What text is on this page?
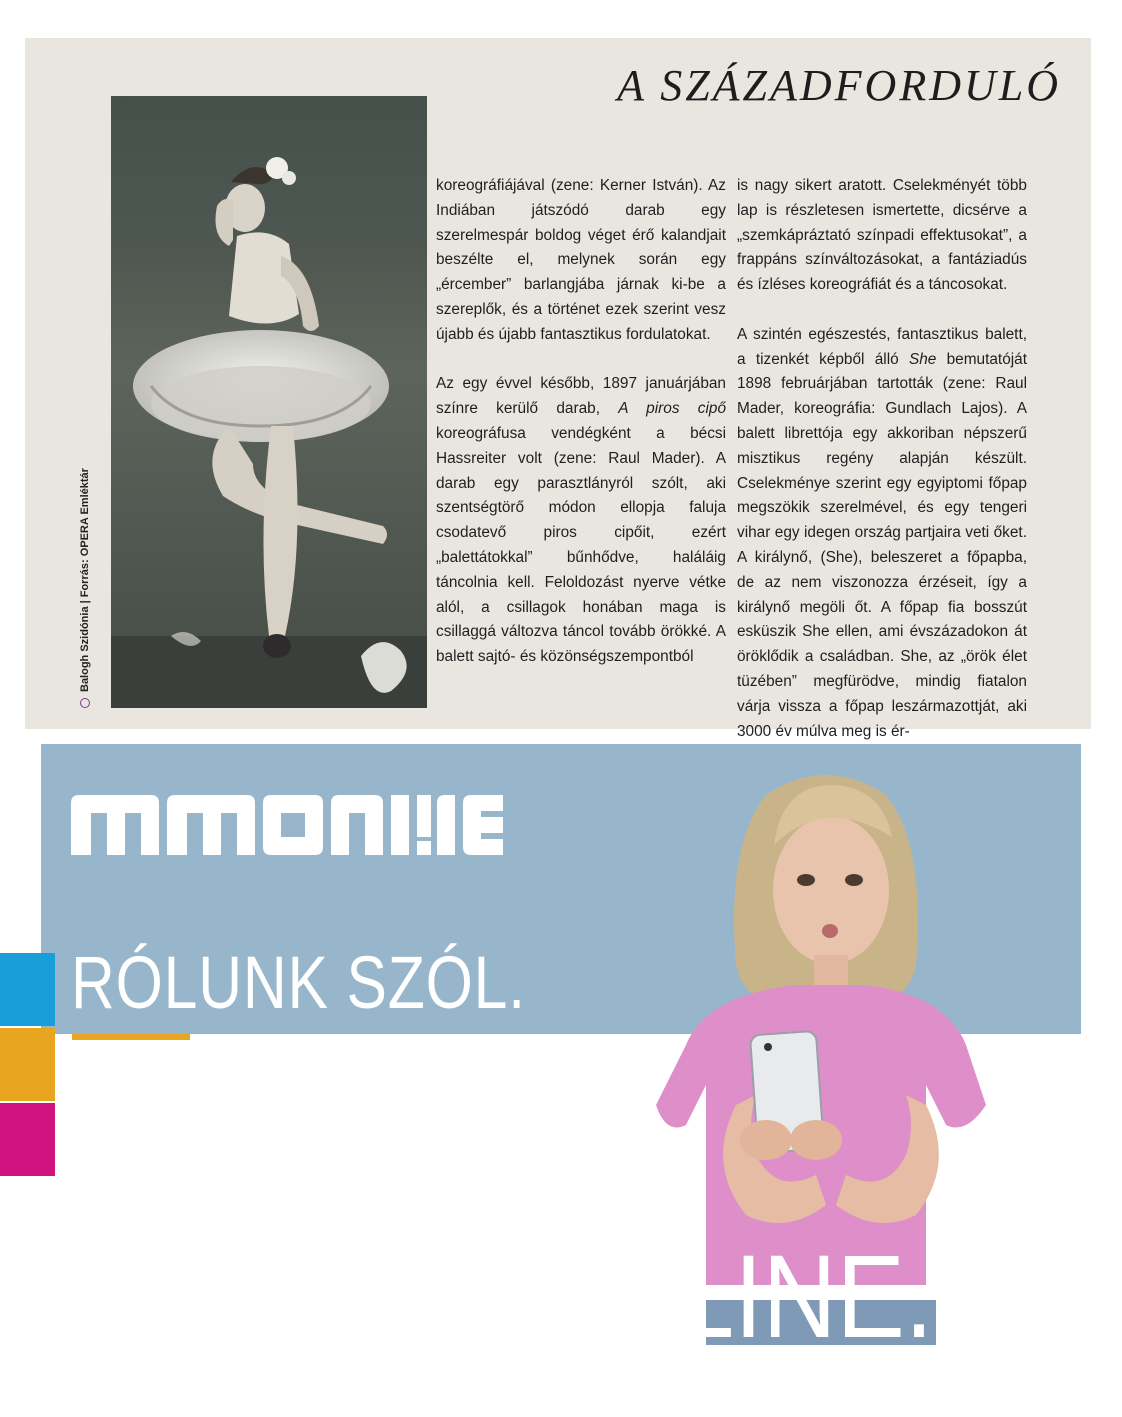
A SZÁZADFORDULÓ
Balogh Szidónia | Forrás: OPERA Emléktár

koreográfiájával (zene: Kerner István). Az Indiában játszódó darab egy szerelmespár boldog véget érő kalandjait beszélte el, melynek során egy „ércember” barlangjába járnak ki-be a szereplők, és a történet ezek szerint vesz újabb és újabb fantasztikus fordulatokat.

Az egy évvel később, 1897 januárjában színre kerülő darab, A piros cipő koreográfusa vendégként a bécsi Hassreiter volt (zene: Raul Mader). A darab egy parasztlányról szólt, aki szentségtörő módon ellopja faluja csodatevő piros cipőit, ezért „balettátokkal” bűnhődve, haláláig táncolnia kell. Feloldozást nyerve vétke alól, a csillagok honában maga is csillaggá változva táncol tovább örökké. A balett sajtó- és közönségszempontból

is nagy sikert aratott. Cselekményét több lap is részletesen ismertette, dicsérve a „szemkápráztató színpadi effektusokat”, a frappáns színváltozásokat, a fantáziadús és ízléses koreográfiát és a táncosokat.

A szintén egészestés, fantasztikus balett, a tizenkét képből álló She bemutatóját 1898 februárjában tartották (zene: Raul Mader, koreográfia: Gundlach Lajos). A balett librettója egy akkoriban népszerű misztikus regény alapján készült. Cselekménye szerint egy egyiptomi főpap megszökik szerelmével, és egy tengeri vihar egy idegen ország partjaira veti őket. A királynő, (She), beleszeret a főpapba, de az nem viszonozza érzéseit, így a királynő megöli őt. A főpap fia bosszút esküszik She ellen, ami évszázadokon át öröklődik a családban. She, az „örök élet tüzében” megfürödve, mindig fiatalon várja vissza a főpap leszármazottját, aki 3000 év múlva meg is ér-

RÓLUNK SZÓL.

Kövesd a marketing-, a média-, az ügynökségi és az üzleti világ legfontosabb híreit online!

WWW.MMONLINE.HU
